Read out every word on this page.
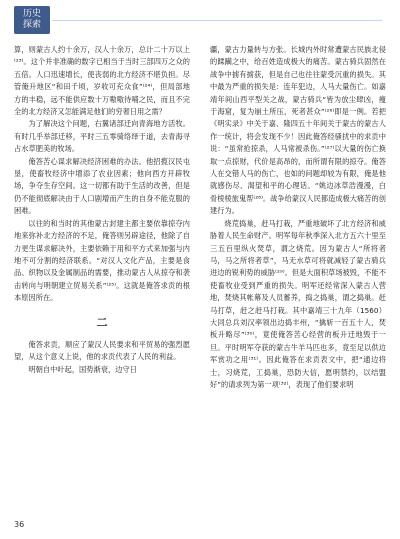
历史
探索

算，则蒙古人约十余万，汉人十余万，总计二十万以上⁽²³⁾。这个并非准确的数字已相当于当时三部四万之众的五倍。人口迅速增长，使丧弱的北方经济不堪负担。尽管俺升地区“和田千顷，岁收可充众食”⁽²⁴⁾，但局部地方的丰稳，远不能供应数十万嗷嗷待哺之民，而且不完全的北方经济又怎能满足他们的穷奢日用之需？

为了解决这个问题，右翼诸部迁向青海地方活牧。有时几乎举部迁移，平时三五零骑络绎于道，去青海寻占水草肥美的牧场。

俺答苦心谋求解决经济困难的办法。他招揽汉民屯垦，使畜牧经济中增添了农业因素；他向西方开辟牧场，争夺生存空间。这一切都有助于生活的改善，但是仍不能彻底解决由于人口剧增而产生的自身不能克服的困难。

以往的和当时的其他蒙古封建主都主要依靠掠夺内地来弥补北方经济的不足，俺答则另辟途径，他除了自力更生谋求解决外，主要依赖于用和平方式来加强与内地不可分割的经济联系。“对汉人文化产品，主要是食品、织物以及金属制品的需要，推动蒙古人从掠夺和袭击转向与明朝建立贸易关系”⁽²⁵⁾。这就是俺答求贡的根本原因所在。

二

俺答求贡，顺应了蒙汉人民要求和平贸易的强烈愿望，从这个意义上说，他的求贡代表了人民的利益。

明朝自中叶起，国势渐衰，边守日

疆，蒙古力量转与方张。长城内外时常遭蒙古民族北侵的蹂躏之中，给百姓造成极大的痛苦。蒙古骑兵固然在战争中掳有掳获，但是自己也往往蒙受沉重的损失。其中最为严重的损失是：连年犯边，人马大量伤亡。如嘉靖年间山西平型关之战，蒙古骑兵“皆为放尘肆凶，瘦于海窟，复为崩土所压，死者甚众”⁽²⁶⁾即是一例。若把《明实录》中关于嘉、隆四五十年间关于蒙古的蒙古人作一统计，将会发现不少！因此俺答经骚扰中的求贡中说：“虽常抢掠杀，人马常被杀伤。”⁽²⁷⁾以大量的伤亡换取一点掠财，代价是高昂的，而所谓有限的掠夺。俺答人在交错人马的伤亡，也如的问题却较为有限，俺是他就感伤尽、渴望和平的心理话。“姚边冰草浩漫漫，白骨棱棱旅鬼帮⁽²⁸⁾。战争给蒙汉人民都造成极大痛苦的创建行为。

烧荒捣巢，赶马打栽，严重地破坏了北方经济和威胁着人民生命财产。明军每年秋季深入北方五六十里至三五百里纵火焚草，谓之烧荒。因为蒙古人“所将者马，马之所将者草”，马无水草可将就减轻了蒙古骑兵进边的锐利势的威胁⁽²⁹⁾。但是大面积草场被毁，不能不使畜牧业受到严重的损失。明军还经常深入蒙古人营地，焚烧其帐幕及人员蓄养，捣之捣巢，谓之捣巢。赶马打草，赶之赶马打栽。其中嘉靖三十九年（1560）大同总兵刘汉率领出边捣丰州，“擒斩一百五十人，焚板升略尽”⁽³⁰⁾，竟使俺答苦心经营的板升迁地毁于一旦。平时明军夺获的蒙古牛羊马匹也多，竟至足以供边军赏功之用⁽³¹⁾。因此俺答在求贡表文中，把“通边将士，习烧荒，工捣巢，恐防大信，愿明禁约，以结盟好”的请求列为第一项⁽³²⁾，表现了他们要求明

36
